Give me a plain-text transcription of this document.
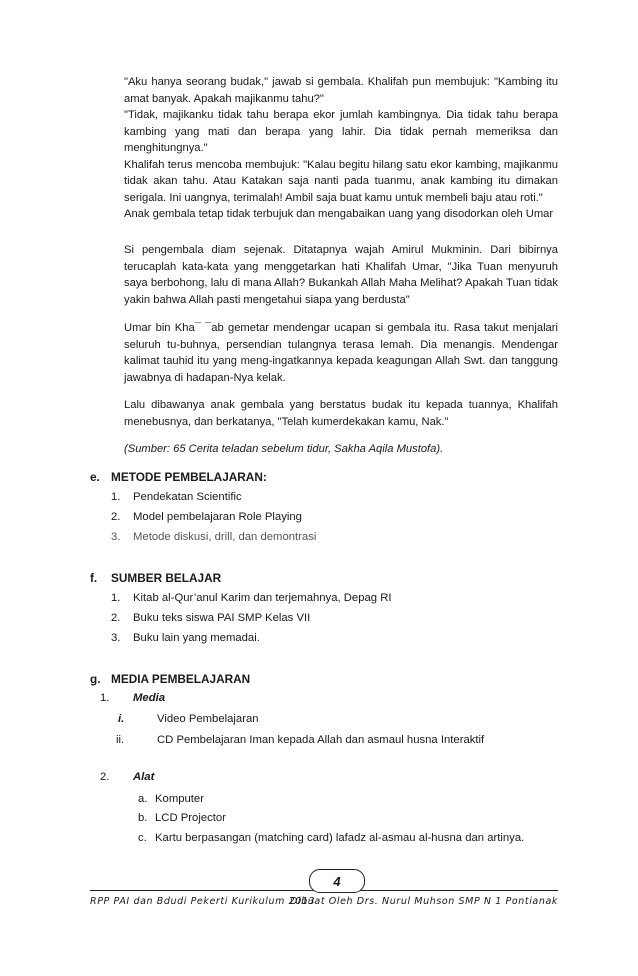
"Aku hanya seorang budak," jawab si gembala. Khalifah pun membujuk: "Kambing itu amat banyak. Apakah majikanmu tahu?"

"Tidak, majikanku tidak tahu berapa ekor jumlah kambingnya. Dia tidak tahu berapa kambing yang mati dan berapa yang lahir. Dia tidak pernah memeriksa dan menghitungnya."

Khalifah terus mencoba membujuk: "Kalau begitu hilang satu ekor kambing, majikanmu tidak akan tahu. Atau Katakan saja nanti pada tuanmu, anak kambing itu dimakan serigala. Ini uangnya, terimalah! Ambil saja buat kamu untuk membeli baju atau roti."

Anak gembala tetap tidak terbujuk dan mengabaikan uang yang disodorkan oleh Umar

Si pengembala diam sejenak. Ditatapnya wajah Amirul Mukminin. Dari bibirnya terucaplah kata-kata yang menggetarkan hati Khalifah Umar, "Jika Tuan menyuruh saya berbohong, lalu di mana Allah? Bukankah Allah Maha Melihat? Apakah Tuan tidak yakin bahwa Allah pasti mengetahui siapa yang berdusta"
Umar bin Kha¯ ¯ab gemetar mendengar ucapan si gembala itu. Rasa takut menjalari seluruh tu-buhnya, persendian tulangnya terasa lemah. Dia menangis. Mendengar kalimat tauhid itu yang meng-ingatkannya kepada keagungan Allah Swt. dan tanggung jawabnya di hadapan-Nya kelak.
Lalu dibawanya anak gembala yang berstatus budak itu kepada tuannya, Khalifah menebusnya, dan berkatanya, "Telah kumerdekakan kamu, Nak."
(Sumber: 65 Cerita teladan sebelum tidur, Sakha Aqila Mustofa).
e. METODE PEMBELAJARAN:
1. Pendekatan Scientific
2. Model pembelajaran Role Playing
3. Metode diskusi, drill, dan demontrasi
f. SUMBER BELAJAR
1. Kitab al-Qur’anul Karim dan terjemahnya, Depag RI
2. Buku teks siswa PAI SMP Kelas VII
3. Buku lain yang memadai.
g. MEDIA PEMBELAJARAN
1. Media
i.	Video Pembelajaran
ii.	CD Pembelajaran Iman kepada Allah dan asmaul husna Interaktif
2. Alat
a. Komputer
b. LCD Projector
c. Kartu berpasangan (matching card) lafadz al-asmau al-husna dan artinya.
RPP PAI dan Bdudi Pekerti Kurikulum 2013
Dibuat Oleh Drs. Nurul Muhson SMP N 1 Pontianak
4
